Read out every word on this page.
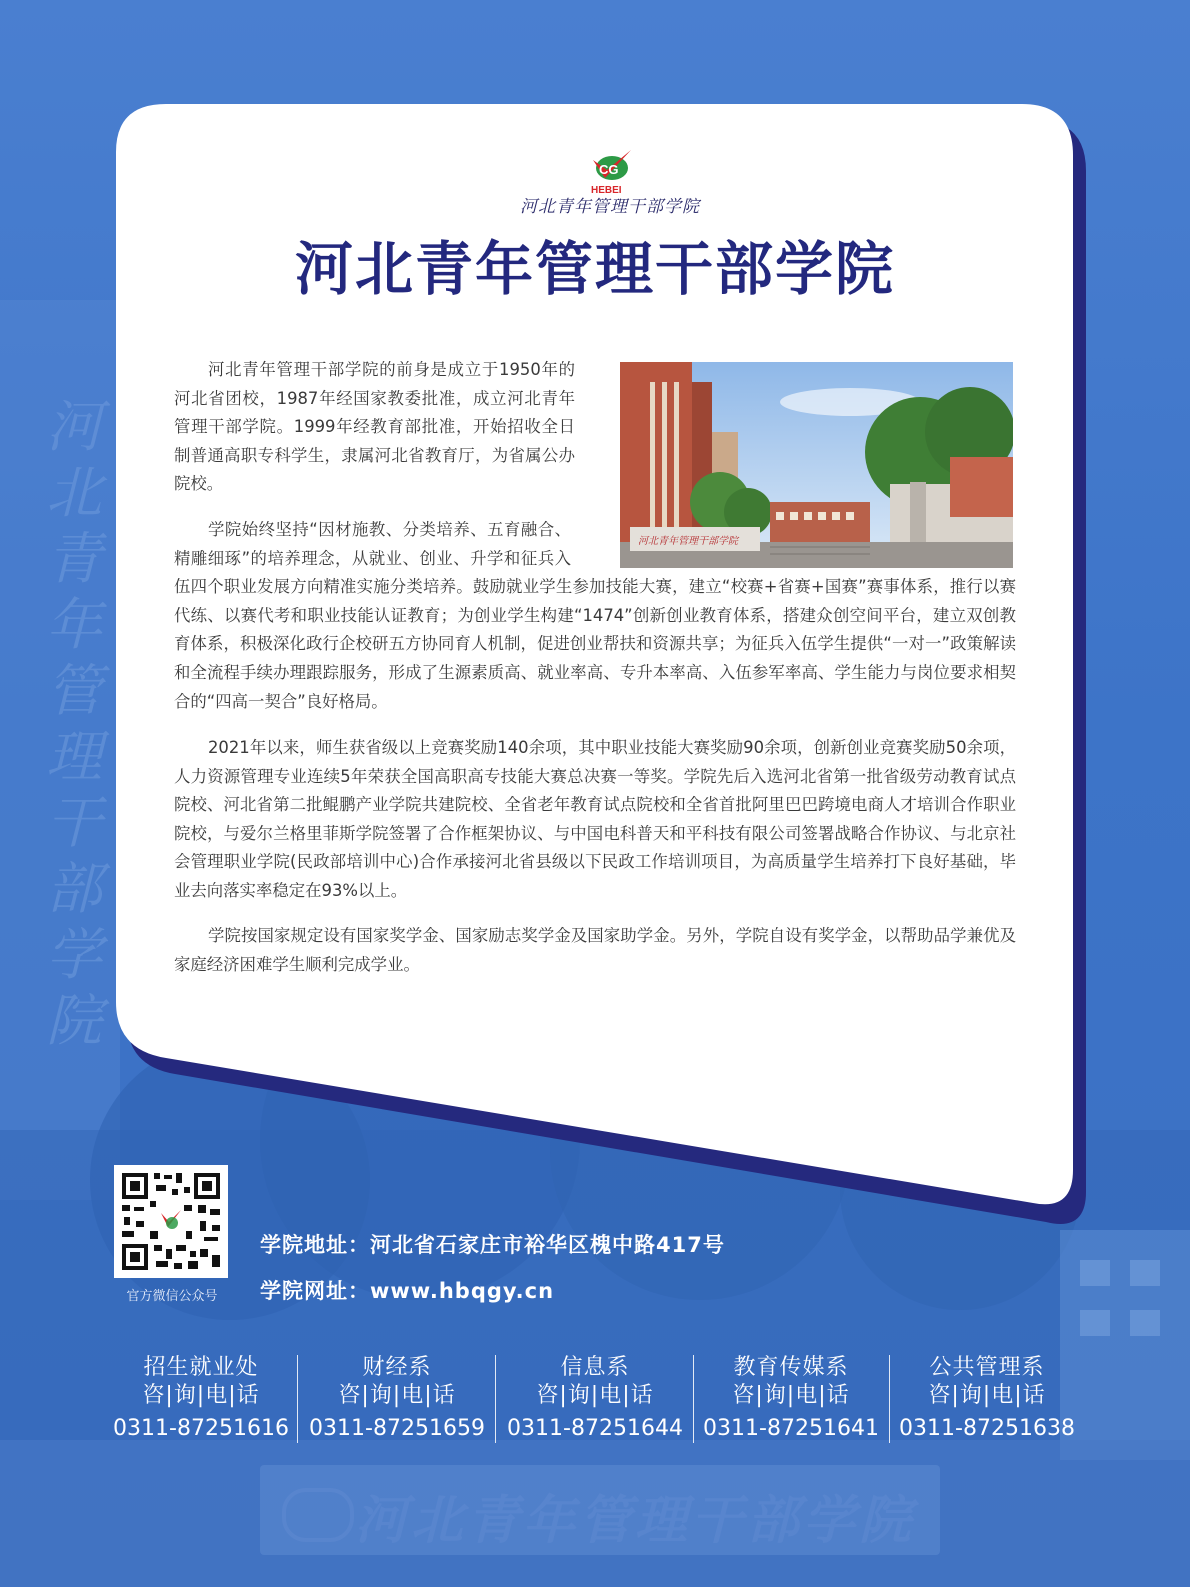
河北青年管理干部学院
河北青年管理干部学院
CG
HEBEI
河北青年管理干部学院
河北青年管理干部学院
河北青年管理干部学院

河北青年管理干部学院的前身是成立于1950年的河北省团校，1987年经国家教委批准，成立河北青年管理干部学院。1999年经教育部批准，开始招收全日制普通高职专科学生，隶属河北省教育厅，为省属公办院校。

学院始终坚持“因材施教、分类培养、五育融合、精雕细琢”的培养理念，从就业、创业、升学和征兵入伍四个职业发展方向精准实施分类培养。鼓励就业学生参加技能大赛，建立“校赛+省赛+国赛”赛事体系，推行以赛代练、以赛代考和职业技能认证教育；为创业学生构建“1474”创新创业教育体系，搭建众创空间平台，建立双创教育体系，积极深化政行企校研五方协同育人机制，促进创业帮扶和资源共享；为征兵入伍学生提供“一对一”政策解读和全流程手续办理跟踪服务，形成了生源素质高、就业率高、专升本率高、入伍参军率高、学生能力与岗位要求相契合的“四高一契合”良好格局。

2021年以来，师生获省级以上竞赛奖励140余项，其中职业技能大赛奖励90余项，创新创业竞赛奖励50余项，人力资源管理专业连续5年荣获全国高职高专技能大赛总决赛一等奖。学院先后入选河北省第一批省级劳动教育试点院校、河北省第二批鲲鹏产业学院共建院校、全省老年教育试点院校和全省首批阿里巴巴跨境电商人才培训合作职业院校，与爱尔兰格里菲斯学院签署了合作框架协议、与中国电科普天和平科技有限公司签署战略合作协议、与北京社会管理职业学院(民政部培训中心)合作承接河北省县级以下民政工作培训项目，为高质量学生培养打下良好基础，毕业去向落实率稳定在93%以上。

学院按国家规定设有国家奖学金、国家励志奖学金及国家助学金。另外，学院自设有奖学金，以帮助品学兼优及家庭经济困难学生顺利完成学业。

官方微信公众号
学院地址：河北省石家庄市裕华区槐中路417号
学院网址：www.hbqgy.cn
招生就业处
咨|询|电|话
0311-87251616
财经系
咨|询|电|话
0311-87251659
信息系
咨|询|电|话
0311-87251644
教育传媒系
咨|询|电|话
0311-87251641
公共管理系
咨|询|电|话
0311-87251638
